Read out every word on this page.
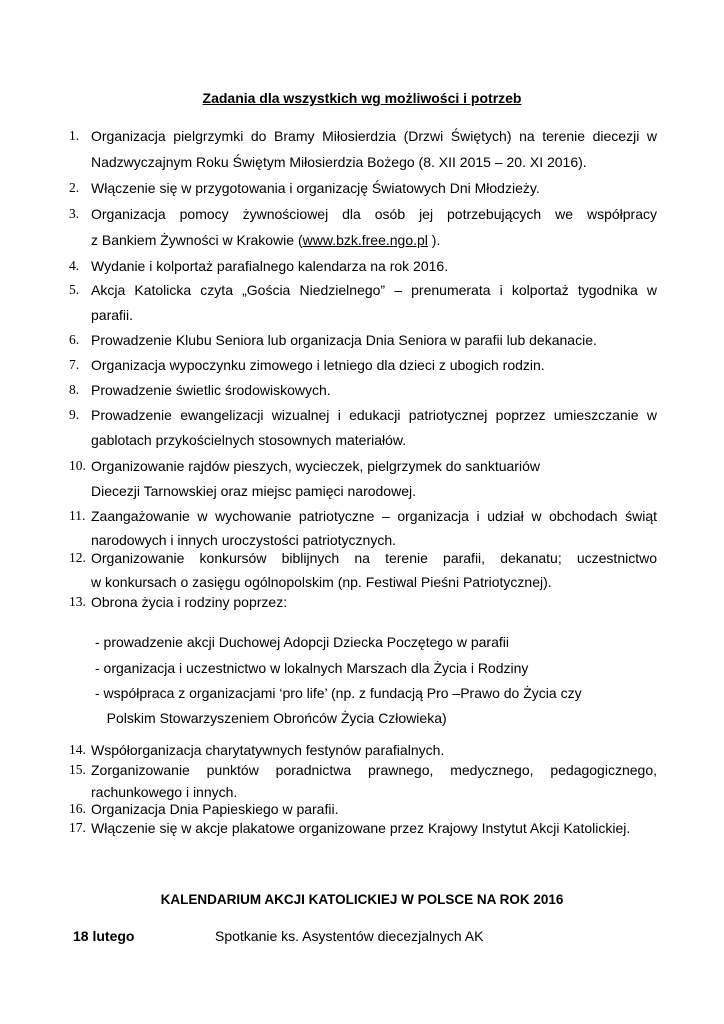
Zadania dla wszystkich wg możliwości i potrzeb
1. Organizacja pielgrzymki do Bramy Miłosierdzia (Drzwi Świętych) na terenie diecezji w
Nadzwyczajnym Roku Świętym Miłosierdzia Bożego (8. XII 2015 – 20. XI 2016).
2. Włączenie się w przygotowania i organizację Światowych Dni Młodzieży.
3. Organizacja pomocy żywnościowej dla osób jej potrzebujących we współpracy
z Bankiem Żywności w Krakowie (www.bzk.free.ngo.pl ).
4. Wydanie i kolportaż parafialnego kalendarza na rok 2016.
5. Akcja Katolicka czyta „Gościa Niedzielnego” – prenumerata i kolportaż tygodnika w
parafii.
6. Prowadzenie Klubu Seniora lub organizacja Dnia Seniora w parafii lub dekanacie.
7. Organizacja wypoczynku zimowego i letniego dla dzieci z ubogich rodzin.
8. Prowadzenie świetlic środowiskowych.
9. Prowadzenie ewangelizacji wizualnej i edukacji patriotycznej poprzez umieszczanie w
gablotach przykościelnych stosownych materiałów.
10. Organizowanie rajdów pieszych, wycieczek, pielgrzymek do sanktuariów
Diecezji Tarnowskiej oraz miejsc pamięci narodowej.
11. Zaangażowanie w wychowanie patriotyczne – organizacja i udział w obchodach świąt
narodowych i innych uroczystości patriotycznych.
12. Organizowanie konkursów biblijnych na terenie parafii, dekanatu; uczestnictwo
w konkursach o zasięgu ogólnopolskim (np. Festiwal Pieśni Patriotycznej).
13. Obrona życia i rodziny poprzez:
- prowadzenie akcji Duchowej Adopcji Dziecka Poczętego w parafii
- organizacja i uczestnictwo w lokalnych Marszach dla Życia i Rodziny
- współpraca z organizacjami ‘pro life’ (np. z fundacją Pro –Prawo do Życia czy
Polskim Stowarzyszeniem Obrońców Życia Człowieka)
14. Współorganizacja charytatywnych festynów parafialnych.
15. Zorganizowanie punktów poradnictwa prawnego, medycznego, pedagogicznego,
rachunkowego i innych.
16. Organizacja Dnia Papieskiego w parafii.
17. Włączenie się w akcje plakatowe organizowane przez Krajowy Instytut Akcji Katolickiej.
KALENDARIUM AKCJI KATOLICKIEJ W POLSCE NA ROK 2016
18 lutego	Spotkanie ks. Asystentów diecezjalnych AK
